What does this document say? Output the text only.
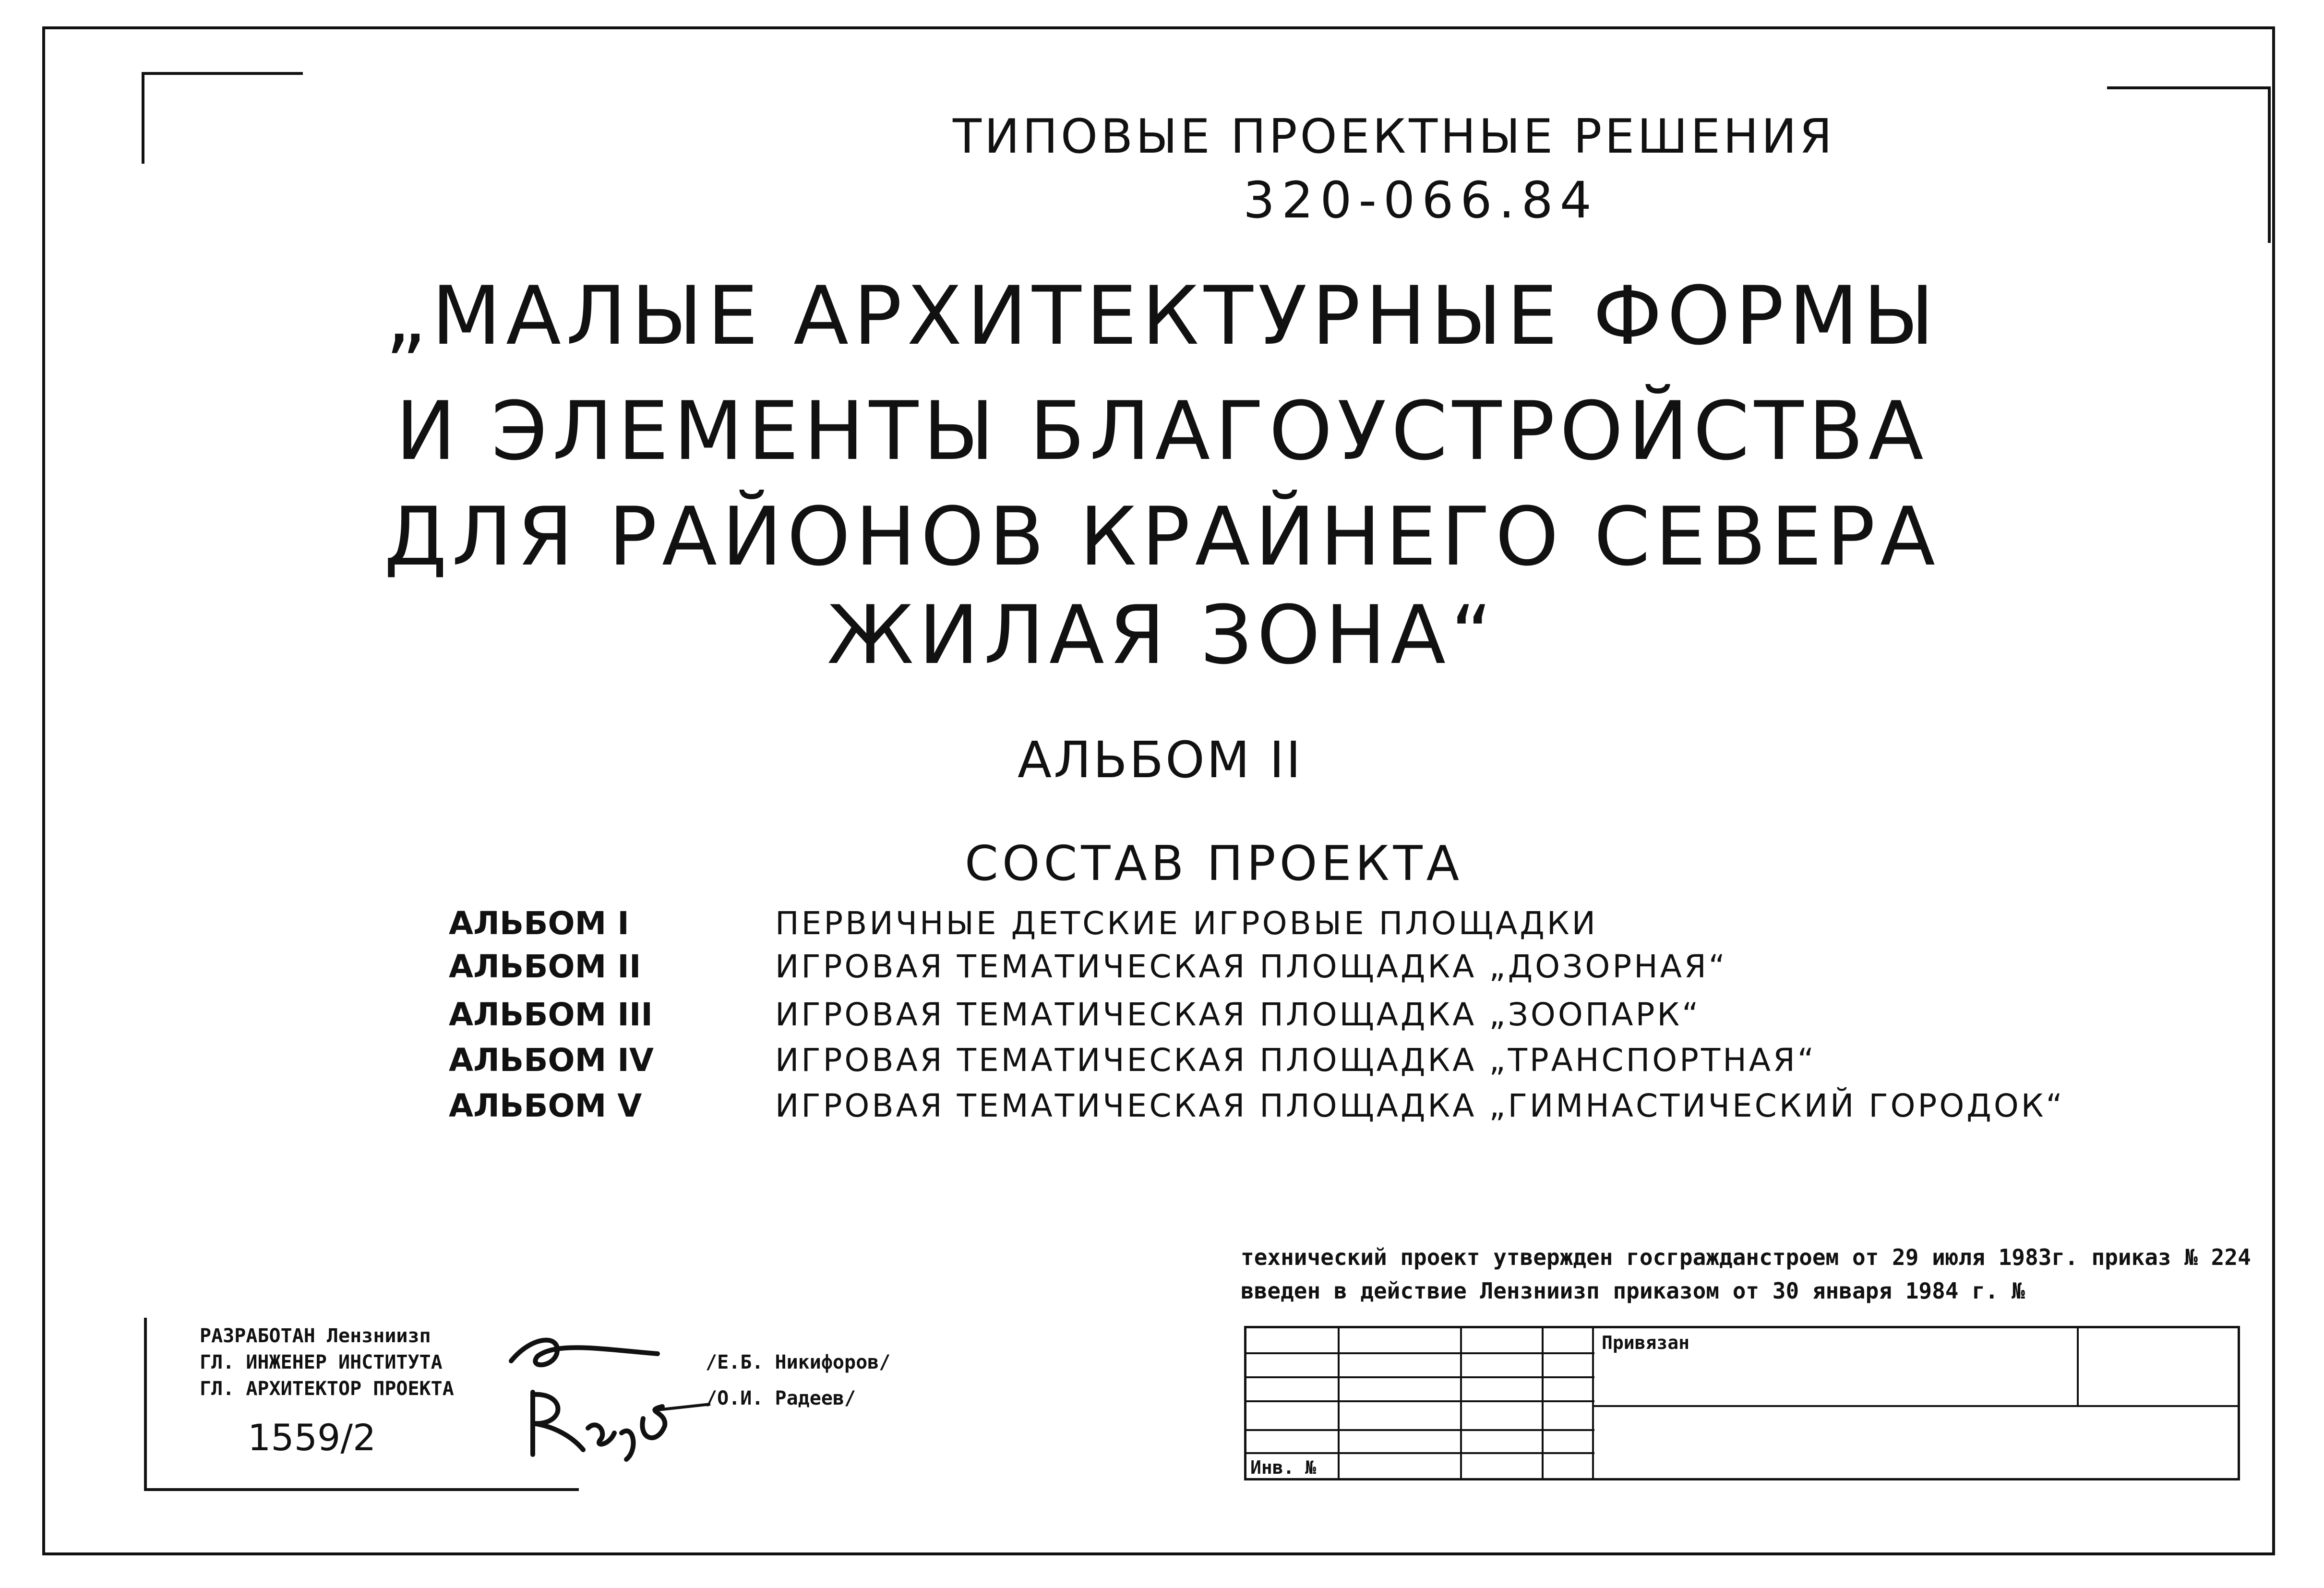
ТИПОВЫЕ ПРОЕКТНЫЕ РЕШЕНИЯ
320-066.84
„МАЛЫЕ АРХИТЕКТУРНЫЕ ФОРМЫ
И ЭЛЕМЕНТЫ БЛАГОУСТРОЙСТВА
ДЛЯ РАЙОНОВ КРАЙНЕГО СЕВЕРА
ЖИЛАЯ ЗОНА“
АЛЬБОМ II
СОСТАВ ПРОЕКТА
АЛЬБОМ I	ПЕРВИЧНЫЕ ДЕТСКИЕ ИГРОВЫЕ ПЛОЩАДКИ
АЛЬБОМ II	ИГРОВАЯ ТЕМАТИЧЕСКАЯ ПЛОЩАДКА „ДОЗОРНАЯ“
АЛЬБОМ III	ИГРОВАЯ ТЕМАТИЧЕСКАЯ ПЛОЩАДКА „ЗООПАРК“
АЛЬБОМ IV	ИГРОВАЯ ТЕМАТИЧЕСКАЯ ПЛОЩАДКА „ТРАНСПОРТНАЯ“
АЛЬБОМ V	ИГРОВАЯ ТЕМАТИЧЕСКАЯ ПЛОЩАДКА „ГИМНАСТИЧЕСКИЙ ГОРОДОК“
технический проект утвержден госгражданстроем от 29 июля 1983г. приказ № 224
введен в действие Лензниизп приказом от 30 января 1984 г. №
РАЗРАБОТАН Лензниизп
ГЛ. ИНЖЕНЕР ИНСТИТУТА
ГЛ. АРХИТЕКТОР ПРОЕКТА
1559/2
/Е.Б. Никифоров/
/О.И. Радеев/
Привязан
Инв. №
